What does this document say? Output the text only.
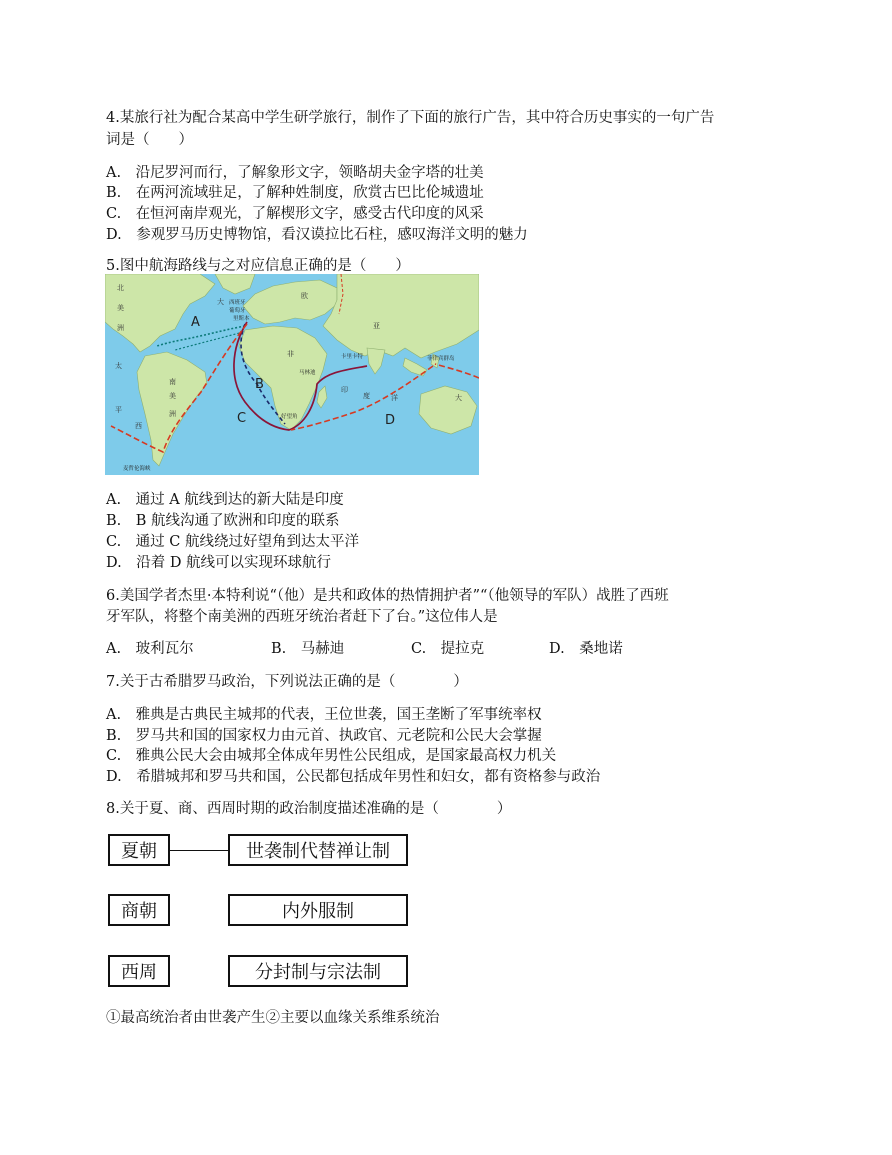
4.某旅行社为配合某高中学生研学旅行，制作了下面的旅行广告，其中符合历史事实的一句广告
词是（　　）
A.　沿尼罗河而行，了解象形文字，领略胡夫金字塔的壮美
B.　在两河流域驻足，了解种姓制度，欣赏古巴比伦城遗址
C.　在恒河南岸观光，了解楔形文字，感受古代印度的风采
D.　参观罗马历史博物馆，看汉谟拉比石柱，感叹海洋文明的魅力
5.图中航海路线与之对应信息正确的是（　　）
北
美
洲
太
大
欧
亚
非
南
美
洲
印
度	洋	大
平
西
西班牙
葡萄牙
里斯本
卡里卡特
马林迪
好望角
菲律宾群岛
麦哲伦海峡
A
B
C	D
A.　通过 A 航线到达的新大陆是印度
B.　B 航线沟通了欧洲和印度的联系
C.　通过 C 航线绕过好望角到达太平洋
D.　沿着 D 航线可以实现环球航行
6.美国学者杰里·本特利说“（他）是共和政体的热情拥护者”“（他领导的军队）战胜了西班
牙军队，将整个南美洲的西班牙统治者赶下了台。”这位伟人是
A.　玻利瓦尔	B.　马赫迪	C.　提拉克	D.　桑地诺
7.关于古希腊罗马政治，下列说法正确的是（　　　　）
A.　雅典是古典民主城邦的代表，王位世袭，国王垄断了军事统率权
B.　罗马共和国的国家权力由元首、执政官、元老院和公民大会掌握
C.　雅典公民大会由城邦全体成年男性公民组成，是国家最高权力机关
D.　希腊城邦和罗马共和国，公民都包括成年男性和妇女，都有资格参与政治
8.关于夏、商、西周时期的政治制度描述准确的是（　　　　）
夏朝	世袭制代替禅让制
商朝	内外服制
西周	分封制与宗法制
①最高统治者由世袭产生②主要以血缘关系维系统治
